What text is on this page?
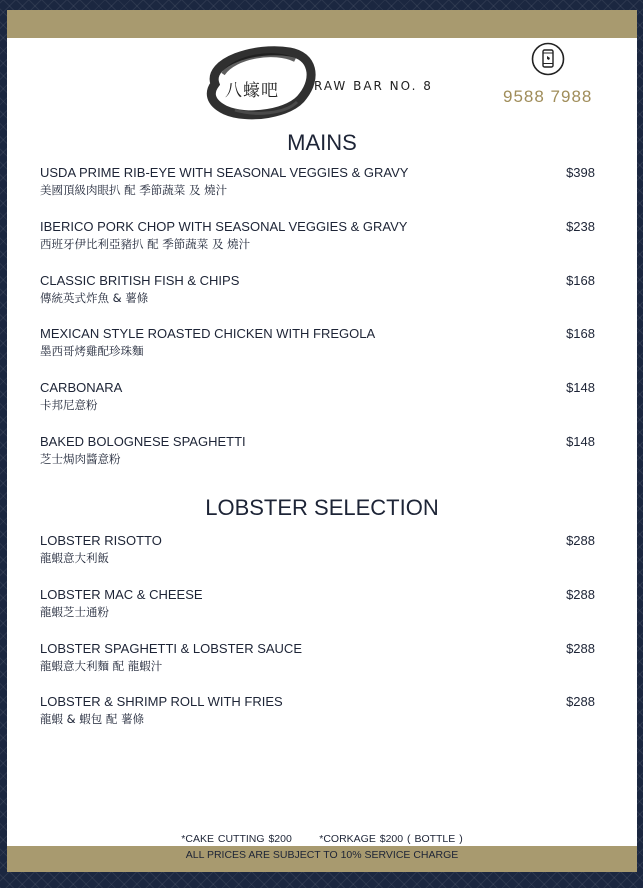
八蠔吧	RAW BAR NO. 8
9588 7988
MAINS
USDA PRIME RIB-EYE WITH SEASONAL VEGGIES & GRAVY
美國頂級肉眼扒 配 季節蔬菜 及 燒汁
$398
IBERICO PORK CHOP WITH SEASONAL VEGGIES & GRAVY
西班牙伊比利亞豬扒 配 季節蔬菜 及 燒汁
$238
CLASSIC BRITISH FISH & CHIPS
傳統英式炸魚 & 薯條
$168
MEXICAN STYLE ROASTED CHICKEN WITH FREGOLA
墨西哥烤雞配珍珠麵
$168
CARBONARA
卡邦尼意粉
$148
BAKED BOLOGNESE SPAGHETTI
芝士焗肉醬意粉
$148
LOBSTER SELECTION
LOBSTER RISOTTO
龍蝦意大利飯
$288
LOBSTER MAC & CHEESE
龍蝦芝士通粉
$288
LOBSTER SPAGHETTI & LOBSTER SAUCE
龍蝦意大利麵 配 龍蝦汁
$288
LOBSTER & SHRIMP ROLL WITH FRIES
龍蝦 & 蝦包 配 薯條
$288
*CAKE CUTTING $200       *CORKAGE $200 ( BOTTLE )
ALL PRICES ARE SUBJECT TO 10% SERVICE CHARGE
